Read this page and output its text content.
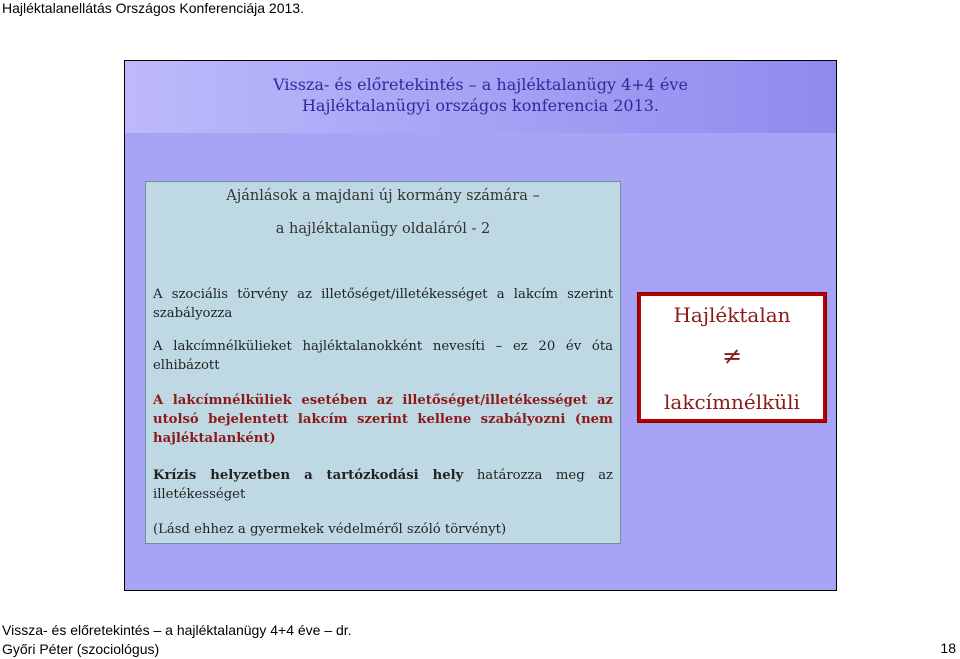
Hajléktalanellátás Országos Konferenciája 2013.
Vissza- és előretekintés – a hajléktalanügy 4+4 éve
Hajléktalanügyi országos konferencia 2013.
Ajánlások a majdani új kormány számára –
a hajléktalanügy oldaláról - 2
A szociális törvény az illetőséget/illetékességet a lakcím szerint szabályozza
A lakcímnélkülieket hajléktalanokként nevesíti – ez 20 év óta elhibázott
A lakcímnélküliek esetében az illetőséget/illetékességet az utolsó bejelentett lakcím szerint kellene szabályozni (nem hajléktalanként)
Krízis helyzetben a tartózkodási hely határozza meg az illetékességet
(Lásd ehhez a gyermekek védelméről szóló törvényt)
Hajléktalan
≠
lakcímnélküli
Vissza- és előretekintés – a hajléktalanügy 4+4 éve – dr.
Győri Péter (szociológus)	18
